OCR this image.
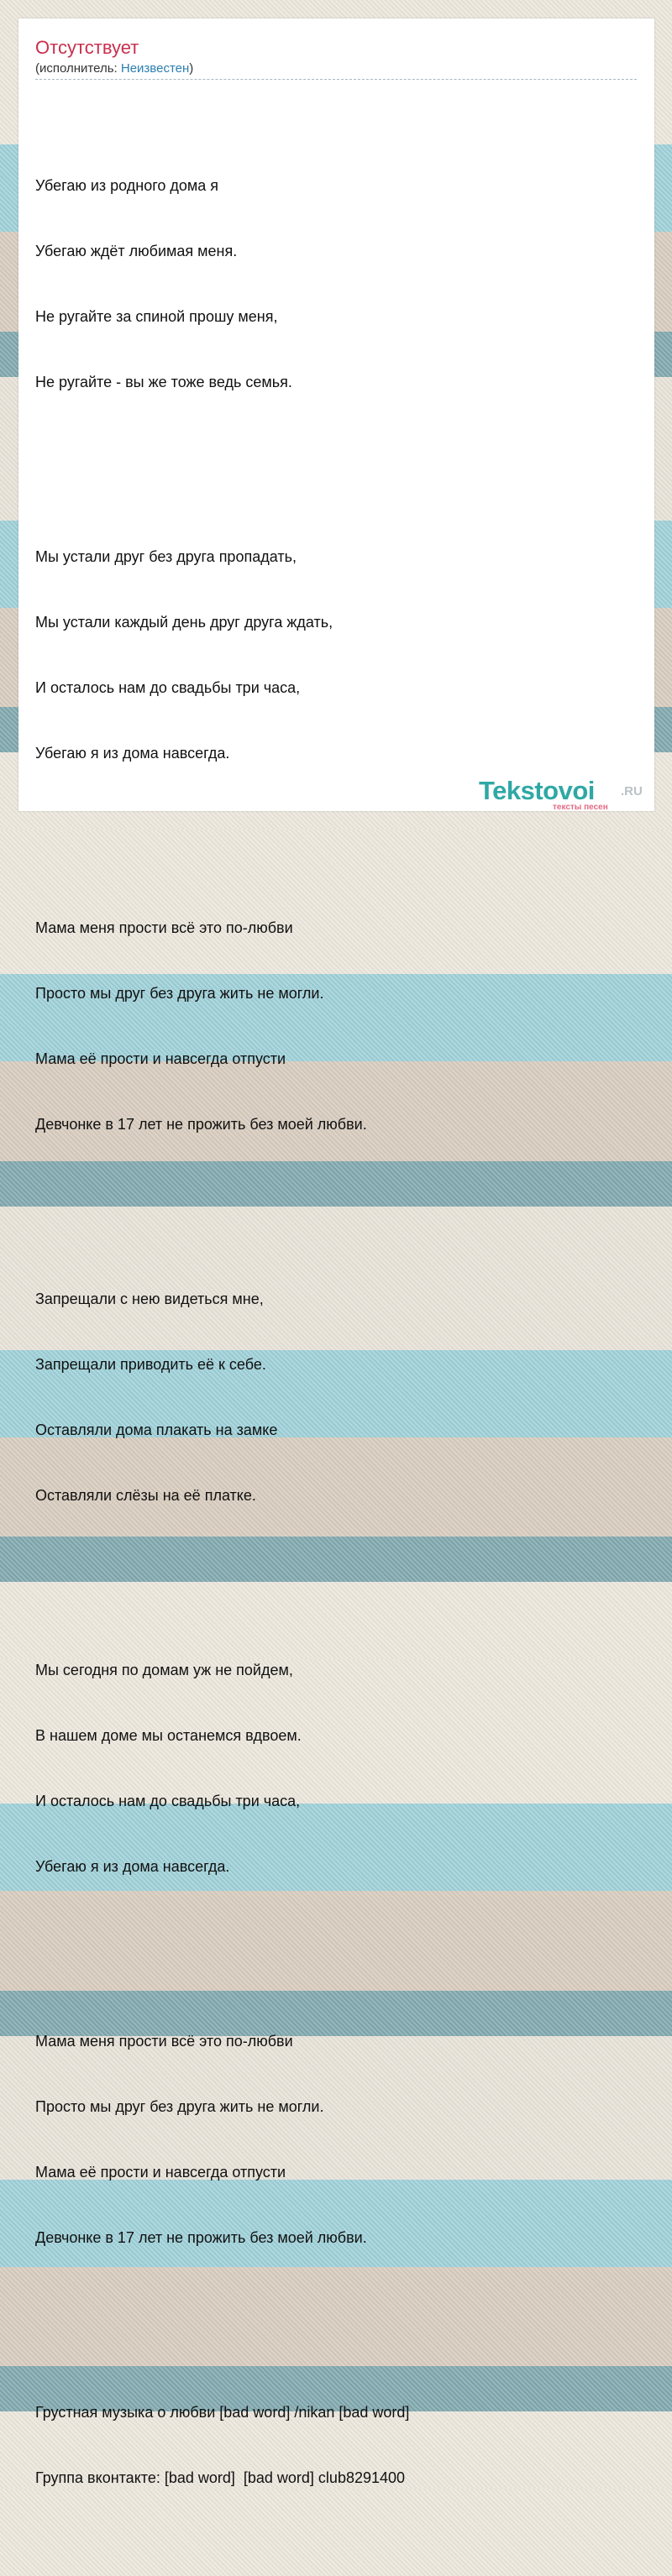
Отсутствует
(исполнитель: Неизвестен)

Убегаю из родного дома я

Убегаю ждёт любимая меня.

Не ругайте за спиной прошу меня,

Не ругайте - вы же тоже ведь семья.

Мы устали друг без друга пропадать,

Мы устали каждый день друг друга ждать,

И осталось нам до свадьбы три часа,

Убегаю я из дома навсегда.

Мама меня прости всё это по-любви

Просто мы друг без друга жить не могли.

Мама её прости и навсегда отпусти

Девчонке в 17 лет не прожить без моей любви.

Запрещали с нею видеться мне,

Запрещали приводить её к себе.

Оставляли дома плакать на замке

Оставляли слёзы на её платке.

Мы сегодня по домам уж не пойдем,

В нашем доме мы останемся вдвоем.

И осталось нам до свадьбы три часа,

Убегаю я из дома навсегда.

Мама меня прости всё это по-любви

Просто мы друг без друга жить не могли.

Мама её прости и навсегда отпусти

Девчонке в 17 лет не прожить без моей любви.

Грустная музыка о любви [bad word] /nikan [bad word]

Группа вконтакте: [bad word]  [bad word] club8291400

Tekstovoi .RU
тексты песен
